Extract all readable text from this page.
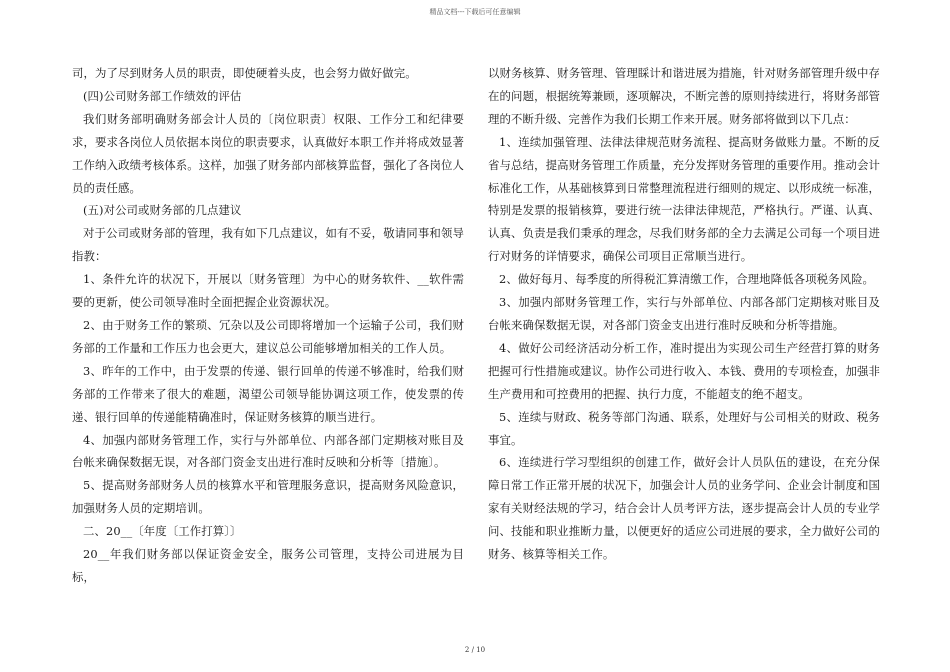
精品文档---下载后可任意编辑

司，为了尽到财务人员的职责，即使硬着头皮，也会努力做好做完。

(四)公司财务部工作绩效的评估

我们财务部明确财务部会计人员的〔岗位职责〕权限、工作分工和纪律要求，要求各岗位人员依据本岗位的职责要求，认真做好本职工作并将成效显著工作纳入政绩考核体系。这样，加强了财务部内部核算监督，强化了各岗位人员的责任感。

(五)对公司或财务部的几点建议

对于公司或财务部的管理，我有如下几点建议，如有不妥，敬请同事和领导指教：

1、条件允许的状况下，开展以〔财务管理〕为中心的财务软件、__软件需要的更新，使公司领导准时全面把握企业资源状况。

2、由于财务工作的繁琐、冗杂以及公司即将增加一个运输子公司，我们财务部的工作量和工作压力也会更大，建议总公司能够增加相关的工作人员。

3、昨年的工作中，由于发票的传递、银行回单的传递不够准时，给我们财务部的工作带来了很大的难题，渴望公司领导能协调这项工作，使发票的传递、银行回单的传递能精确准时，保证财务核算的顺当进行。

4、加强内部财务管理工作，实行与外部单位、内部各部门定期核对账目及台帐来确保数据无误，对各部门资金支出进行准时反映和分析等〔措施〕。

5、提高财务部财务人员的核算水平和管理服务意识，提高财务风险意识，加强财务人员的定期培训。

二、20__〔年度〔工作打算〕〕

20__年我们财务部以保证资金安全，服务公司管理，支持公司进展为目标，

以财务核算、财务管理、管理睬计和谐进展为措施，针对财务部管理升级中存在的问题，根据统筹兼顾，逐项解决，不断完善的原则持续进行，将财务部管理的不断升级、完善作为我们长期工作来开展。财务部将做到以下几点：

1、连续加强管理、法律法律规范财务流程、提高财务做账力量。不断的反省与总结，提高财务管理工作质量，充分发挥财务管理的重要作用。推动会计标准化工作，从基础核算到日常整理流程进行细则的规定、以形成统一标准，特别是发票的报销核算，要进行统一法律法律规范，严格执行。严谨、认真、认真、负责是我们秉承的理念，尽我们财务部的全力去满足公司每一个项目进行对财务的详情要求，确保公司项目正常顺当进行。

2、做好每月、每季度的所得税汇算清缴工作，合理地降低各项税务风险。

3、加强内部财务管理工作，实行与外部单位、内部各部门定期核对账目及台帐来确保数据无误，对各部门资金支出进行准时反映和分析等措施。

4、做好公司经济活动分析工作，准时提出为实现公司生产经营打算的财务把握可行性措施或建议。协作公司进行收入、本钱、费用的专项检查，加强非生产费用和可控费用的把握、执行力度，不能超支的绝不超支。

5、连续与财政、税务等部门沟通、联系，处理好与公司相关的财政、税务事宜。

6、连续进行学习型组织的创建工作，做好会计人员队伍的建设，在充分保障日常工作正常开展的状况下，加强会计人员的业务学问、企业会计制度和国家有关财经法规的学习，结合会计人员考评方法，逐步提高会计人员的专业学问、技能和职业推断力量，以便更好的适应公司进展的要求，全力做好公司的财务、核算等相关工作。

2 / 10
